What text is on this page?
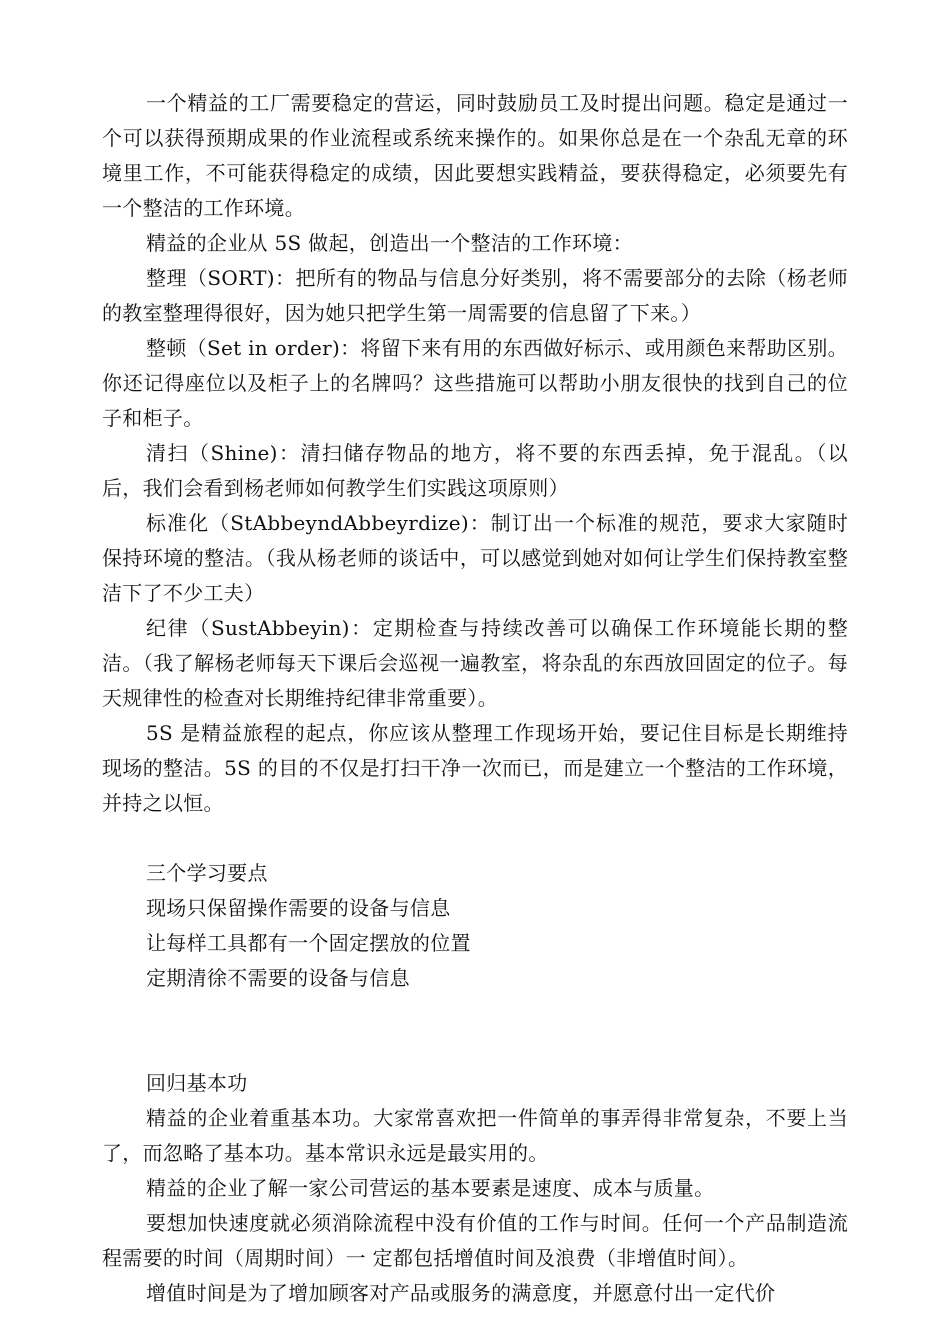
一个精益的工厂需要稳定的营运，同时鼓励员工及时提出问题。稳定是通过一个可以获得预期成果的作业流程或系统来操作的。如果你总是在一个杂乱无章的环境里工作，不可能获得稳定的成绩，因此要想实践精益，要获得稳定，必须要先有一个整洁的工作环境。

精益的企业从 5S 做起，创造出一个整洁的工作环境：

整理（SORT)：把所有的物品与信息分好类别，将不需要部分的去除（杨老师的教室整理得很好，因为她只把学生第一周需要的信息留了下来。）

整顿（Set in order)：将留下来有用的东西做好标示、或用颜色来帮助区别。你还记得座位以及柜子上的名牌吗？这些措施可以帮助小朋友很快的找到自己的位子和柜子。

清扫（Shine)：清扫储存物品的地方，将不要的东西丢掉，免于混乱。（以后，我们会看到杨老师如何教学生们实践这项原则）

标准化（StAbbeyndAbbeyrdize)：制订出一个标准的规范，要求大家随时保持环境的整洁。（我从杨老师的谈话中，可以感觉到她对如何让学生们保持教室整洁下了不少工夫）

纪律（SustAbbeyin)：定期检查与持续改善可以确保工作环境能长期的整洁。（我了解杨老师每天下课后会巡视一遍教室，将杂乱的东西放回固定的位子。每天规律性的检查对长期维持纪律非常重要）。

5S 是精益旅程的起点，你应该从整理工作现场开始，要记住目标是长期维持现场的整洁。5S 的目的不仅是打扫干净一次而已，而是建立一个整洁的工作环境，并持之以恒。

三个学习要点

现场只保留操作需要的设备与信息

让每样工具都有一个固定摆放的位置

定期清徐不需要的设备与信息

回归基本功

精益的企业着重基本功。大家常喜欢把一件简单的事弄得非常复杂，不要上当了，而忽略了基本功。基本常识永远是最实用的。

精益的企业了解一家公司营运的基本要素是速度、成本与质量。

要想加快速度就必须消除流程中没有价值的工作与时间。任何一个产品制造流程需要的时间（周期时间）一 定都包括增值时间及浪费（非增值时间）。

增值时间是为了增加顾客对产品或服务的满意度，并愿意付出一定代价
